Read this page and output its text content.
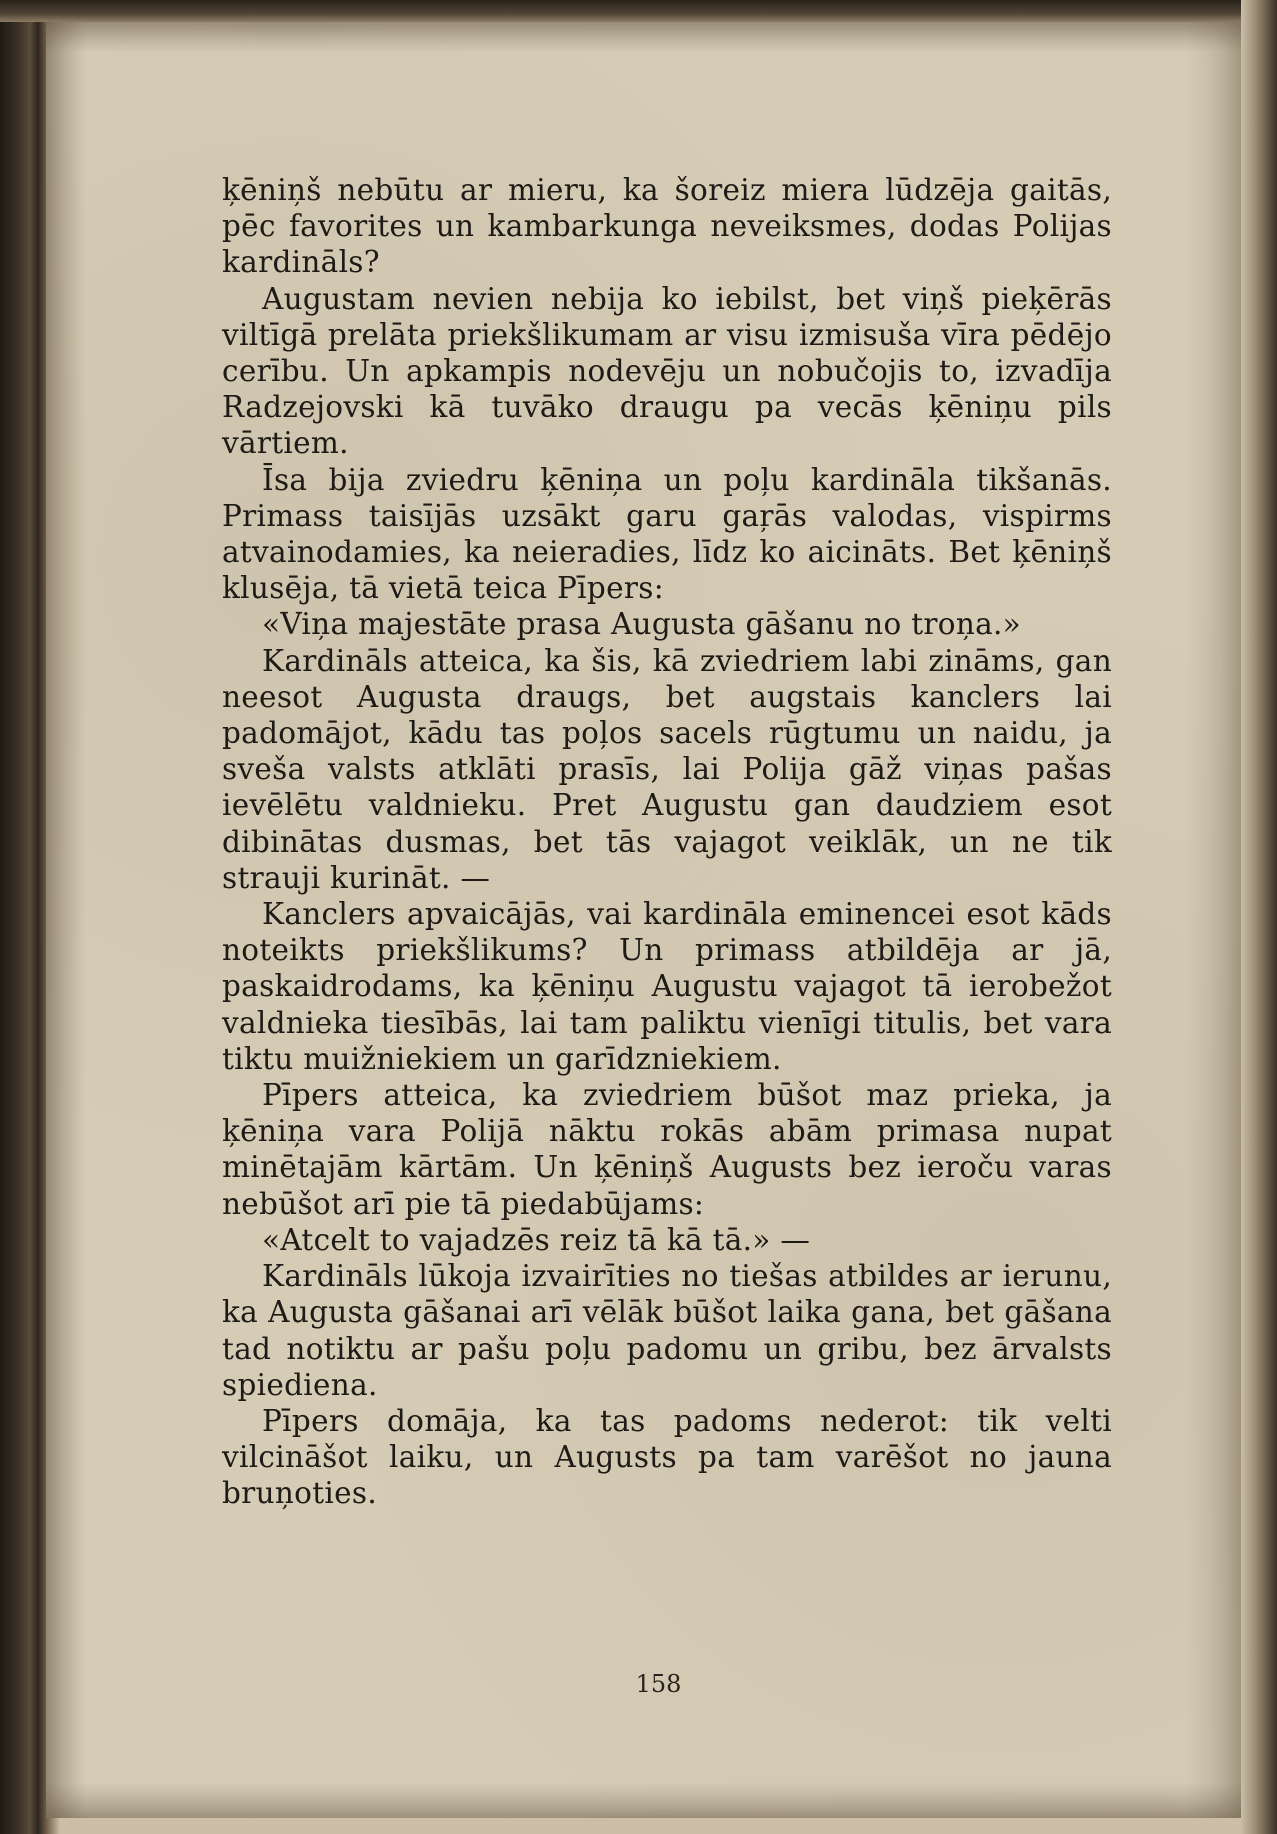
ķēniņš nebūtu ar mieru, ka šoreiz miera lūdzēja gaitās, pēc favorites un kambarkunga neveiksmes, dodas Polijas kardināls?

Augustam nevien nebija ko iebilst, bet viņš pieķērās viltīgā prelāta priekšlikumam ar visu izmisuša vīra pēdējo cerību. Un apkampis nodevēju un nobučojis to, izvadīja Radzejovski kā tuvāko draugu pa vecās ķēniņu pils vārtiem.

Īsa bija zviedru ķēniņa un poļu kardināla tikšanās. Primass taisījās uzsākt garu gaŗās valodas, vispirms atvainodamies, ka neieradies, līdz ko aicināts. Bet ķēniņš klusēja, tā vietā teica Pīpers:

«Viņa majestāte prasa Augusta gāšanu no troņa.»

Kardināls atteica, ka šis, kā zviedriem labi zināms, gan neesot Augusta draugs, bet augstais kanclers lai padomājot, kādu tas poļos sacels rūgtumu un naidu, ja sveša valsts atklāti prasīs, lai Polija gāž viņas pašas ievēlētu valdnieku. Pret Augustu gan daudziem esot dibinātas dusmas, bet tās vajagot veiklāk, un ne tik strauji kurināt. —

Kanclers apvaicājās, vai kardināla eminencei esot kāds noteikts priekšlikums? Un primass atbildēja ar jā, paskaidrodams, ka ķēniņu Augustu vajagot tā ierobežot valdnieka tiesībās, lai tam paliktu vienīgi titulis, bet vara tiktu muižniekiem un garīdzniekiem.

Pīpers atteica, ka zviedriem būšot maz prieka, ja ķēniņa vara Polijā nāktu rokās abām primasa nupat minētajām kārtām. Un ķēniņš Augusts bez ieroču varas nebūšot arī pie tā piedabūjams:

«Atcelt to vajadzēs reiz tā kā tā.» —

Kardināls lūkoja izvairīties no tiešas atbildes ar ierunu, ka Augusta gāšanai arī vēlāk būšot laika gana, bet gāšana tad notiktu ar pašu poļu padomu un gribu, bez ārvalsts spiediena.

Pīpers domāja, ka tas padoms nederot: tik velti vilcināšot laiku, un Augusts pa tam varēšot no jauna bruņoties.

158
